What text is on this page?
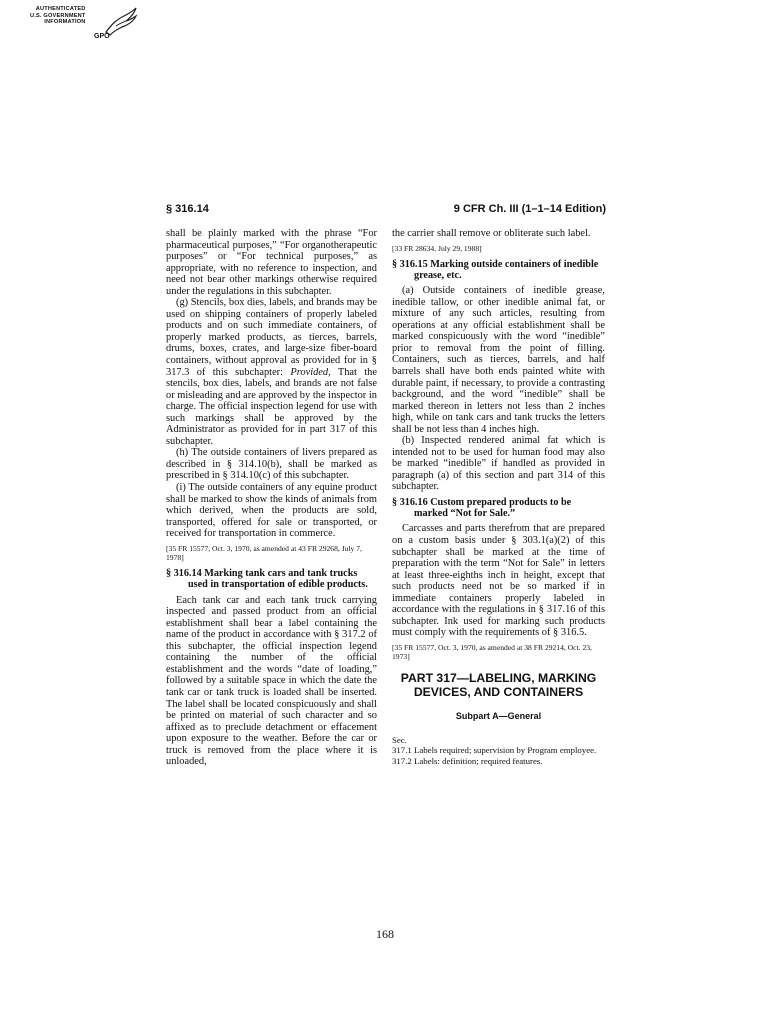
AUTHENTICATED
U.S. GOVERNMENT
INFORMATION
GPO
§ 316.14	9 CFR Ch. III (1–1–14 Edition)

shall be plainly marked with the phrase “For pharmaceutical purposes,” “For organotherapeutic purposes” or “For technical purposes,” as appropriate, with no reference to inspection, and need not bear other markings otherwise required under the regulations in this subchapter.

(g) Stencils, box dies, labels, and brands may be used on shipping containers of properly labeled products and on such immediate containers, of properly marked products, as tierces, barrels, drums, boxes, crates, and large-size fiber-board containers, without approval as provided for in § 317.3 of this subchapter: Provided, That the stencils, box dies, labels, and brands are not false or misleading and are approved by the inspector in charge. The official inspection legend for use with such markings shall be approved by the Administrator as provided for in part 317 of this subchapter.

(h) The outside containers of livers prepared as described in § 314.10(b), shall be marked as prescribed in § 314.10(c) of this subchapter.

(i) The outside containers of any equine product shall be marked to show the kinds of animals from which derived, when the products are sold, transported, offered for sale or transported, or received for transportation in commerce.

[35 FR 15577, Oct. 3, 1970, as amended at 43 FR 29268, July 7, 1978]
§ 316.14 Marking tank cars and tank trucks used in transportation of edible products.

Each tank car and each tank truck carrying inspected and passed product from an official establishment shall bear a label containing the name of the product in accordance with § 317.2 of this subchapter, the official inspection legend containing the number of the official establishment and the words “date of loading,” followed by a suitable space in which the date the tank car or tank truck is loaded shall be inserted. The label shall be located conspicuously and shall be printed on material of such character and so affixed as to preclude detachment or effacement upon exposure to the weather. Before the car or truck is removed from the place where it is unloaded,

the carrier shall remove or obliterate such label.

[33 FR 28634, July 29, 1988]
§ 316.15 Marking outside containers of inedible grease, etc.

(a) Outside containers of inedible grease, inedible tallow, or other inedible animal fat, or mixture of any such articles, resulting from operations at any official establishment shall be marked conspicuously with the word “inedible” prior to removal from the point of filling. Containers, such as tierces, barrels, and half barrels shall have both ends painted white with durable paint, if necessary, to provide a contrasting background, and the word “inedible” shall be marked thereon in letters not less than 2 inches high, while on tank cars and tank trucks the letters shall be not less than 4 inches high.

(b) Inspected rendered animal fat which is intended not to be used for human food may also be marked “inedible” if handled as provided in paragraph (a) of this section and part 314 of this subchapter.

§ 316.16 Custom prepared products to be marked “Not for Sale.”

Carcasses and parts therefrom that are prepared on a custom basis under § 303.1(a)(2) of this subchapter shall be marked at the time of preparation with the term “Not for Sale” in letters at least three-eighths inch in height, except that such products need not be so marked if in immediate containers properly labeled in accordance with the regulations in § 317.16 of this subchapter. Ink used for marking such products must comply with the requirements of § 316.5.

[35 FR 15577, Oct. 3, 1970, as amended at 38 FR 29214, Oct. 23, 1973]
PART 317—LABELING, MARKING DEVICES, AND CONTAINERS
Subpart A—General
Sec.
317.1 Labels required; supervision by Program employee.
317.2 Labels: definition; required features.
168
